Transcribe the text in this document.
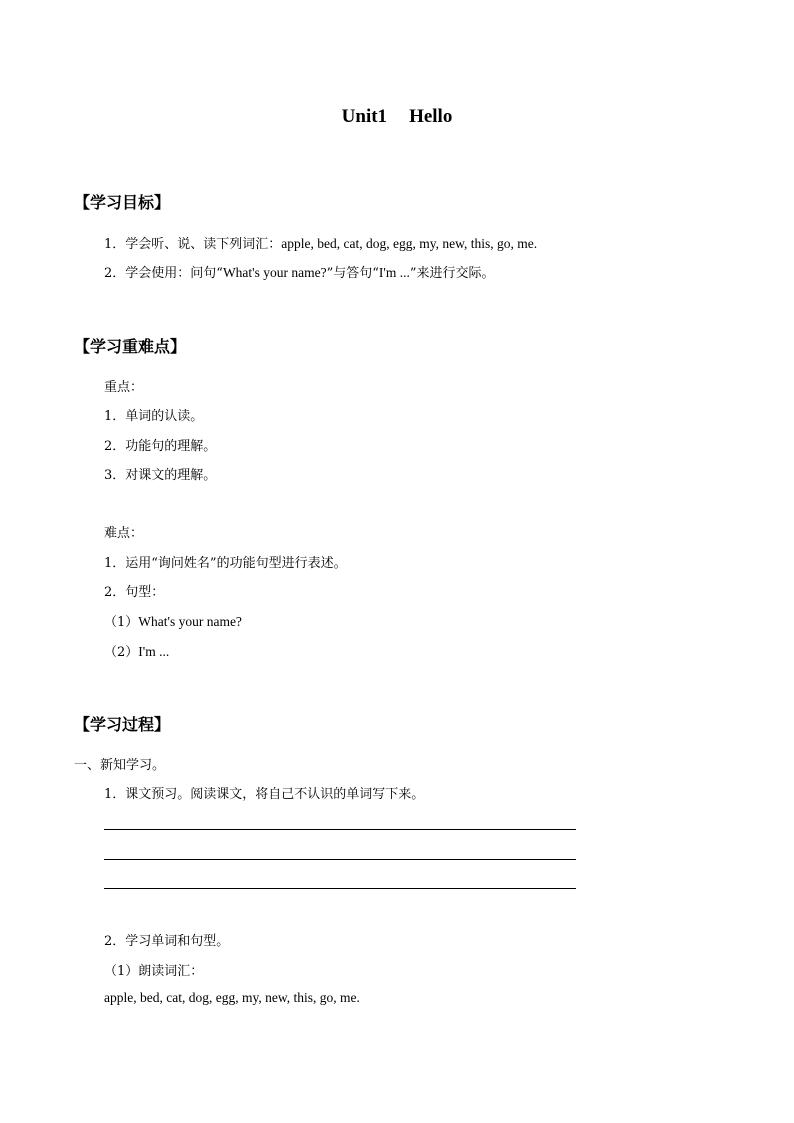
Unit1 Hello
【学习目标】
1．学会听、说、读下列词汇：apple, bed, cat, dog, egg, my, new, this, go, me.
2．学会使用：问句“What's your name?”与答句“I'm ...”来进行交际。
【学习重难点】
重点：
1．单词的认读。
2．功能句的理解。
3．对课文的理解。
难点：
1．运用“询问姓名”的功能句型进行表述。
2．句型：
（1）What's your name?
（2）I'm ...
【学习过程】
一、新知学习。
1．课文预习。阅读课文，将自己不认识的单词写下来。
2．学习单词和句型。
（1）朗读词汇：
apple, bed, cat, dog, egg, my, new, this, go, me.
